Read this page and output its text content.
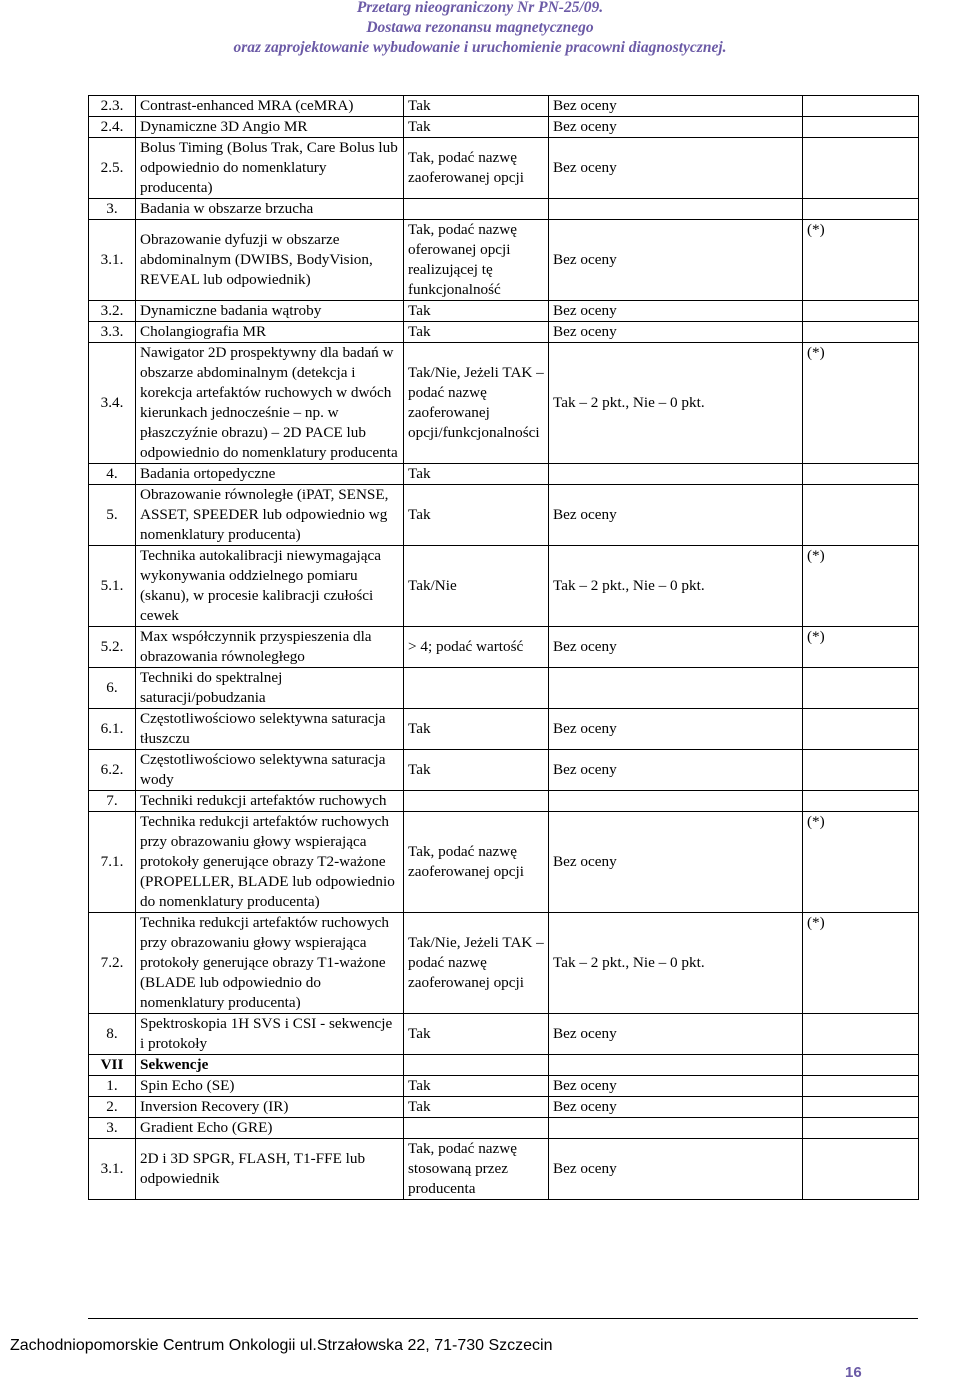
Przetarg nieograniczony Nr PN-25/09.
Dostawa rezonansu magnetycznego
oraz zaprojektowanie wybudowanie i uruchomienie pracowni diagnostycznej.
2.3.	Contrast-enhanced MRA (ceMRA)	Tak	Bez oceny	
2.4.	Dynamiczne 3D Angio MR	Tak	Bez oceny	
2.5.	Bolus Timing (Bolus Trak, Care Bolus lub odpowiednio do nomenklatury producenta)	Tak, podać nazwę zaoferowanej opcji	Bez oceny	
3.	Badania w obszarze brzucha			
3.1.	Obrazowanie dyfuzji w obszarze abdominalnym (DWIBS, BodyVision, REVEAL lub odpowiednik)	Tak, podać nazwę oferowanej opcji realizującej tę funkcjonalność	Bez oceny	(*)
3.2.	Dynamiczne badania wątroby	Tak	Bez oceny	
3.3.	Cholangiografia MR	Tak	Bez oceny	
3.4.	Nawigator 2D prospektywny dla badań w obszarze abdominalnym (detekcja i korekcja artefaktów ruchowych w dwóch kierunkach jednocześnie – np. w płaszczyźnie obrazu) – 2D PACE lub odpowiednio do nomenklatury producenta	Tak/Nie, Jeżeli TAK – podać nazwę zaoferowanej opcji/funkcjonalności	Tak – 2 pkt., Nie – 0 pkt.	(*)
4.	Badania ortopedyczne	Tak		
5.	Obrazowanie równoległe (iPAT, SENSE, ASSET, SPEEDER lub odpowiednio wg nomenklatury producenta)	Tak	Bez oceny	
5.1.	Technika autokalibracji niewymagająca wykonywania oddzielnego pomiaru (skanu), w procesie kalibracji czułości cewek	Tak/Nie	Tak – 2 pkt., Nie – 0 pkt.	(*)
5.2.	Max współczynnik przyspieszenia dla obrazowania równoległego	> 4; podać wartość	Bez oceny	(*)
6.	Techniki do spektralnej saturacji/pobudzania			
6.1.	Częstotliwościowo selektywna saturacja tłuszczu	Tak	Bez oceny	
6.2.	Częstotliwościowo selektywna saturacja wody	Tak	Bez oceny	
7.	Techniki redukcji artefaktów ruchowych			
7.1.	Technika redukcji artefaktów ruchowych przy obrazowaniu głowy wspierająca protokoły generujące obrazy T2-ważone (PROPELLER, BLADE lub odpowiednio do nomenklatury producenta)	Tak, podać nazwę zaoferowanej opcji	Bez oceny	(*)
7.2.	Technika redukcji artefaktów ruchowych przy obrazowaniu głowy wspierająca protokoły generujące obrazy T1-ważone (BLADE lub odpowiednio do nomenklatury producenta)	Tak/Nie, Jeżeli TAK – podać nazwę zaoferowanej opcji	Tak – 2 pkt., Nie – 0 pkt.	(*)
8.	Spektroskopia 1H SVS i CSI - sekwencje i protokoły	Tak	Bez oceny	
VII	Sekwencje			
1.	Spin Echo (SE)	Tak	Bez oceny	
2.	Inversion Recovery (IR)	Tak	Bez oceny	
3.	Gradient Echo (GRE)			
3.1.	2D i 3D SPGR, FLASH, T1-FFE lub odpowiednik	Tak, podać nazwę stosowaną przez producenta	Bez oceny	
Zachodniopomorskie Centrum Onkologii ul.Strzałowska 22, 71-730 Szczecin
16
